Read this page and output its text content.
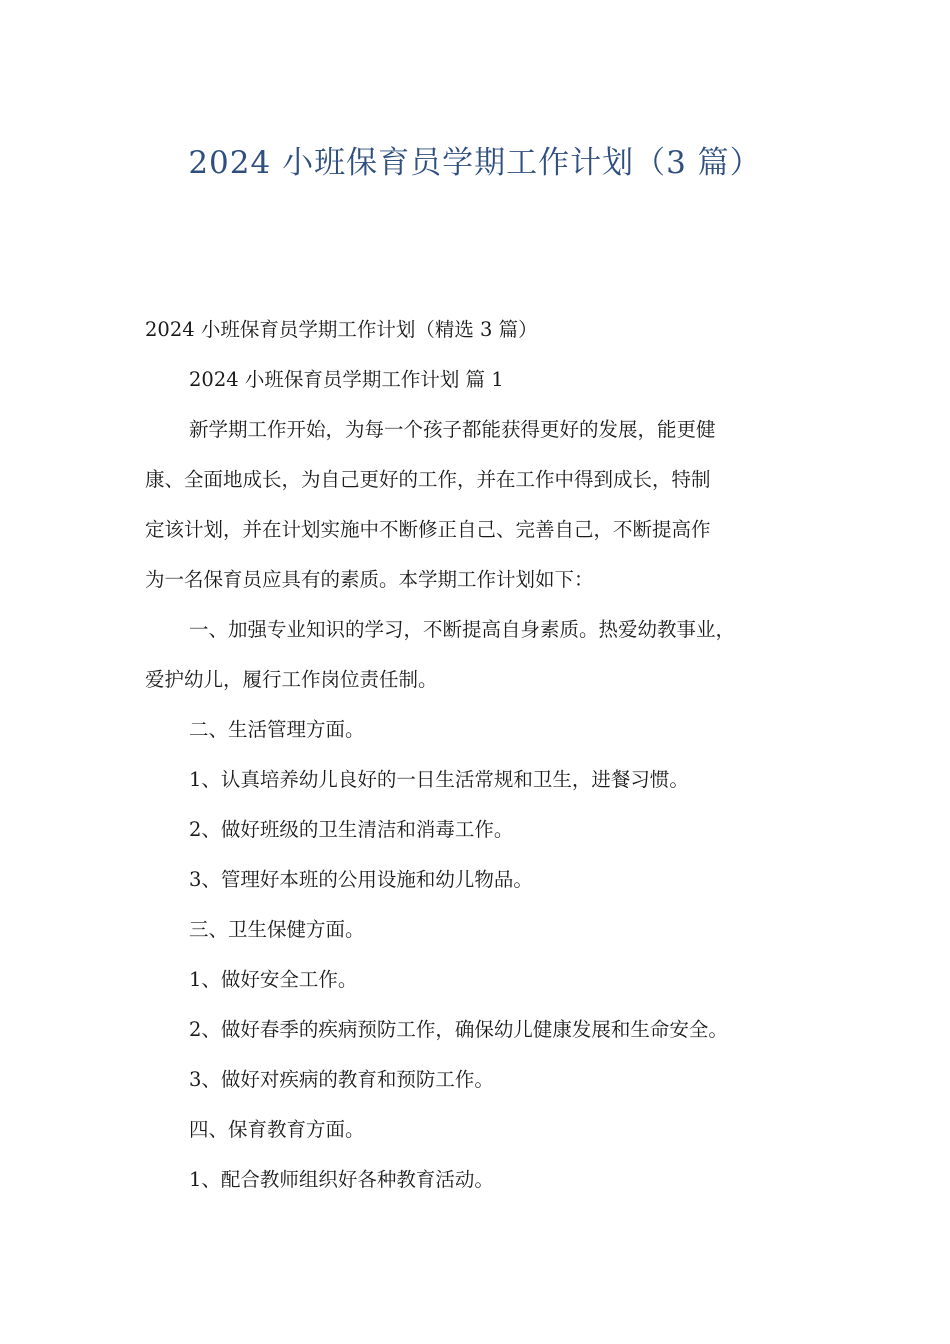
2024 小班保育员学期工作计划（3 篇）

2024 小班保育员学期工作计划（精选 3 篇）

2024 小班保育员学期工作计划 篇 1

新学期工作开始，为每一个孩子都能获得更好的发展，能更健

康、全面地成长，为自己更好的工作，并在工作中得到成长，特制

定该计划，并在计划实施中不断修正自己、完善自己，不断提高作

为一名保育员应具有的素质。本学期工作计划如下：

一、加强专业知识的学习，不断提高自身素质。热爱幼教事业，

爱护幼儿，履行工作岗位责任制。

二、生活管理方面。

1、认真培养幼儿良好的一日生活常规和卫生，进餐习惯。

2、做好班级的卫生清洁和消毒工作。

3、管理好本班的公用设施和幼儿物品。

三、卫生保健方面。

1、做好安全工作。

2、做好春季的疾病预防工作，确保幼儿健康发展和生命安全。

3、做好对疾病的教育和预防工作。

四、保育教育方面。

1、配合教师组织好各种教育活动。
